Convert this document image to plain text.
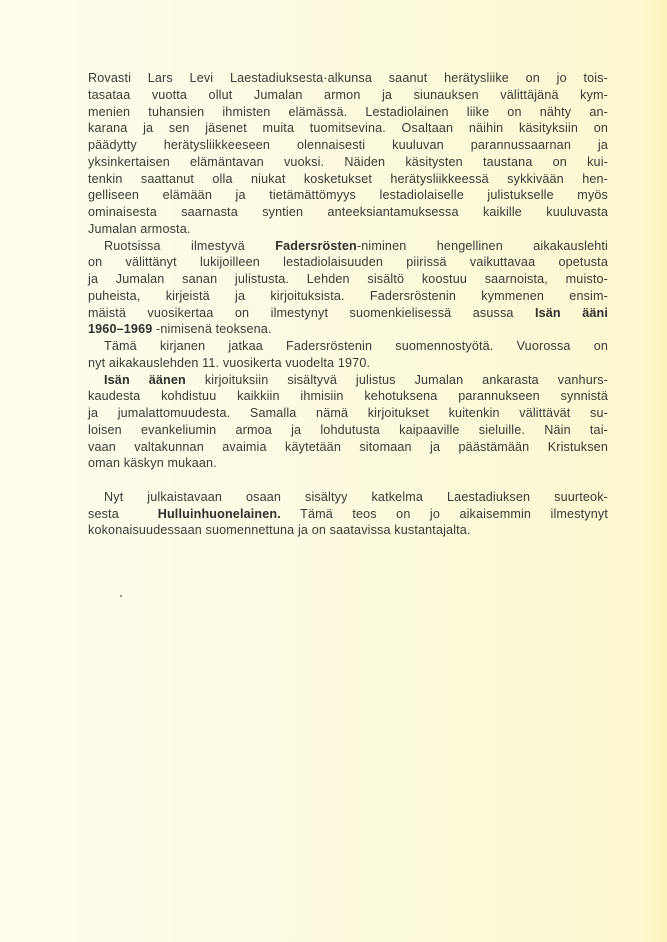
Rovasti Lars Levi Laestadiuksesta·alkunsa saanut herätysliike on jo tois-
tasataa vuotta ollut Jumalan armon ja siunauksen välittäjänä kym-
menien tuhansien ihmisten elämässä. Lestadiolainen liike on nähty an-
karana ja sen jäsenet muita tuomitsevina. Osaltaan näihin käsityksiin on
päädytty herätysliikkeeseen olennaisesti kuuluvan parannussaarnan ja
yksinkertaisen elämäntavan vuoksi. Näiden käsitysten taustana on kui-
tenkin saattanut olla niukat kosketukset herätysliikkeessä sykkivään hen-
gelliseen elämään ja tietämättömyys lestadiolaiselle julistukselle myös
ominaisesta saarnasta syntien anteeksiantamuksessa kaikille kuuluvasta
Jumalan armosta.
Ruotsissa ilmestyvä Fadersrösten-niminen hengellinen aikakauslehti
on välittänyt lukijoilleen lestadiolaisuuden piirissä vaikuttavaa opetusta
ja Jumalan sanan julistusta. Lehden sisältö koostuu saarnoista, muisto-
puheista, kirjeistä ja kirjoituksista. Fadersröstenin kymmenen ensim-
mäistä vuosikertaa on ilmestynyt suomenkielisessä asussa Isän ääni
1960–1969 -nimisenä teoksena.
Tämä kirjanen jatkaa Fadersröstenin suomennostyötä. Vuorossa on
nyt aikakauslehden 11. vuosikerta vuodelta 1970.
Isän äänen kirjoituksiin sisältyvä julistus Jumalan ankarasta vanhurs-
kaudesta kohdistuu kaikkiin ihmisiin kehotuksena parannukseen synnistä
ja jumalattomuudesta. Samalla nämä kirjoitukset kuitenkin välittävät su-
loisen evankeliumin armoa ja lohdutusta kaipaaville sieluille. Näin tai-
vaan valtakunnan avaimia käytetään sitomaan ja päästämään Kristuksen
oman käskyn mukaan.
Nyt julkaistavaan osaan sisältyy katkelma Laestadiuksen suurteok-
sesta  Hulluinhuonelainen. Tämä teos on jo aikaisemmin ilmestynyt
kokonaisuudessaan suomennettuna ja on saatavissa kustantajalta.
